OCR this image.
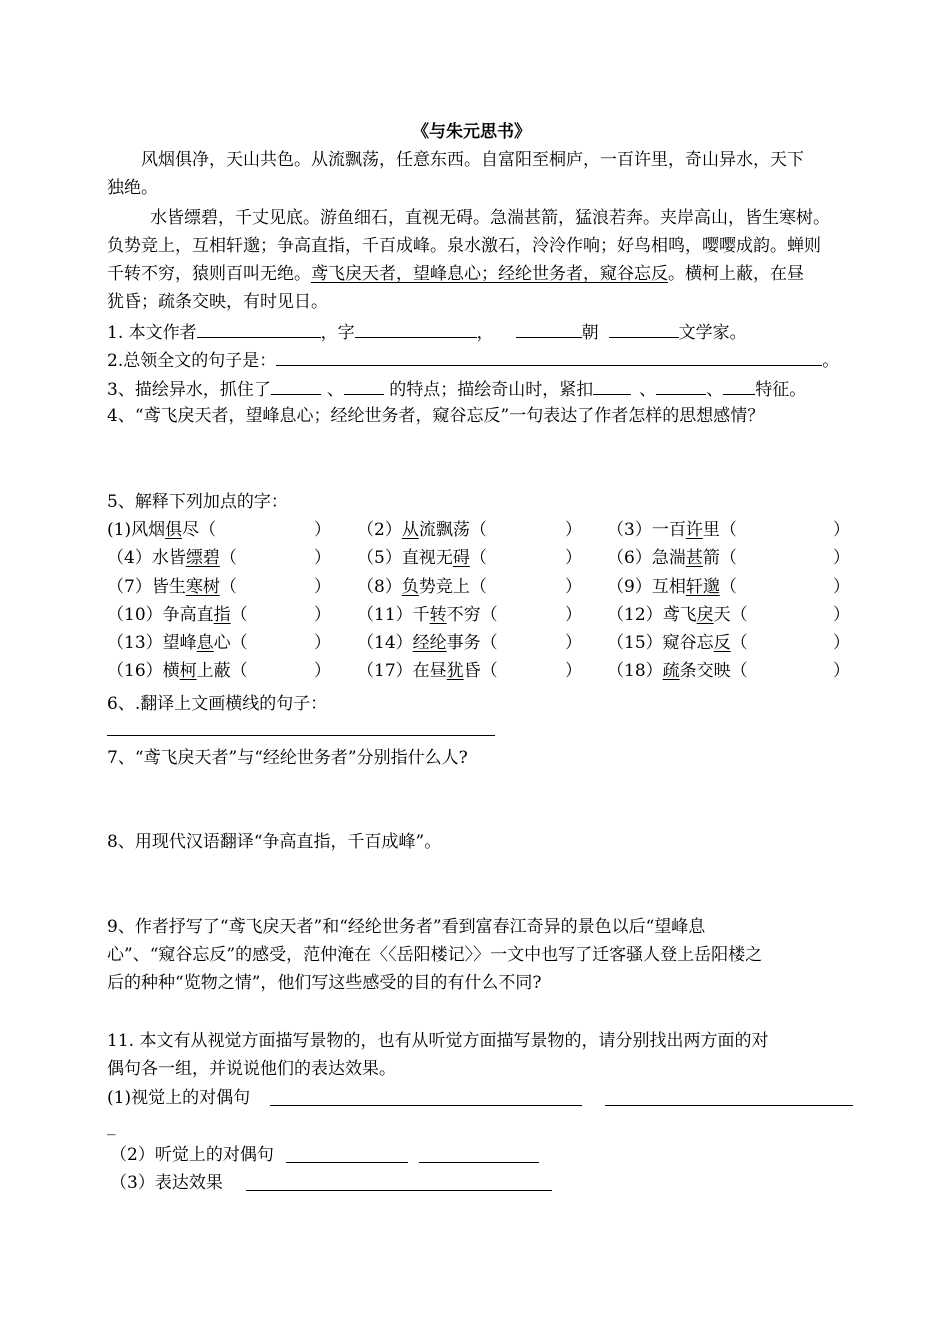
《与朱元思书》
风烟俱净，天山共色。从流飘荡，任意东西。自富阳至桐庐，一百许里，奇山异水，天下
独绝。
水皆缥碧，千丈见底。游鱼细石，直视无碍。急湍甚箭，猛浪若奔。夹岸高山，皆生寒树。
负势竞上，互相轩邈；争高直指，千百成峰。泉水激石，泠泠作响；好鸟相鸣，嘤嘤成韵。蝉则
千转不穷，猿则百叫无绝。鸢飞戾天者，望峰息心；经纶世务者，窥谷忘反。横柯上蔽，在昼
犹昏；疏条交映，有时见日。
1. 本文作者	，字	，	朝	文学家。
2.总领全文的句子是：	。
3、描绘异水，抓住了	、 的特点；描绘奇山时，紧扣	、	、 特征。
4、“鸢飞戾天者，望峰息心；经纶世务者，窥谷忘反”一句表达了作者怎样的思想感情？
5、解释下列加点的字：
(1)风烟俱尽（	） （2）从流飘荡（	） （3）一百许里（	）
（4）水皆缥碧（	） （5）直视无碍（	） （6）急湍甚箭（	）
（7）皆生寒树（	） （8）负势竞上（	） （9）互相轩邈（	）
（10）争高直指（	） （11）千转不穷（	） （12）鸢飞戾天（	）
（13）望峰息心（	） （14）经纶事务（	） （15）窥谷忘反（	）
（16）横柯上蔽（	） （17）在昼犹昏（	） （18）疏条交映（	）
6、.翻译上文画横线的句子：
7、“鸢飞戾天者”与“经纶世务者”分别指什么人?
8、用现代汉语翻译“争高直指，千百成峰”。
9、作者抒写了“鸢飞戾天者”和“经纶世务者”看到富春江奇异的景色以后“望峰息
心”、“窥谷忘反”的感受，范仲淹在〈〈岳阳楼记〉〉一文中也写了迁客骚人登上岳阳楼之
后的种种“览物之情”，他们写这些感受的目的有什么不同?
11. 本文有从视觉方面描写景物的，也有从听觉方面描写景物的，请分别找出两方面的对
偶句各一组，并说说他们的表达效果。
(1)视觉上的对偶句
_
（2）听觉上的对偶句
（3）表达效果
